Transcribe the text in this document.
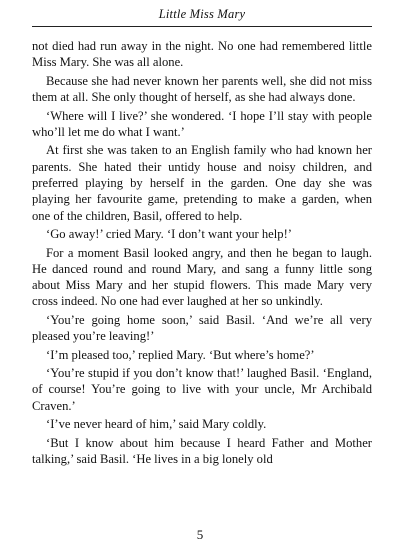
Little Miss Mary

not died had run away in the night. No one had remembered little Miss Mary. She was all alone.

Because she had never known her parents well, she did not miss them at all. She only thought of herself, as she had always done.

‘Where will I live?’ she wondered. ‘I hope I’ll stay with people who’ll let me do what I want.’

At first she was taken to an English family who had known her parents. She hated their untidy house and noisy children, and preferred playing by herself in the garden. One day she was playing her favourite game, pretending to make a garden, when one of the children, Basil, offered to help.

‘Go away!’ cried Mary. ‘I don’t want your help!’

For a moment Basil looked angry, and then he began to laugh. He danced round and round Mary, and sang a funny little song about Miss Mary and her stupid flowers. This made Mary very cross indeed. No one had ever laughed at her so unkindly.

‘You’re going home soon,’ said Basil. ‘And we’re all very pleased you’re leaving!’

‘I’m pleased too,’ replied Mary. ‘But where’s home?’

‘You’re stupid if you don’t know that!’ laughed Basil. ‘England, of course! You’re going to live with your uncle, Mr Archibald Craven.’

‘I’ve never heard of him,’ said Mary coldly.

‘But I know about him because I heard Father and Mother talking,’ said Basil. ‘He lives in a big lonely old

5
